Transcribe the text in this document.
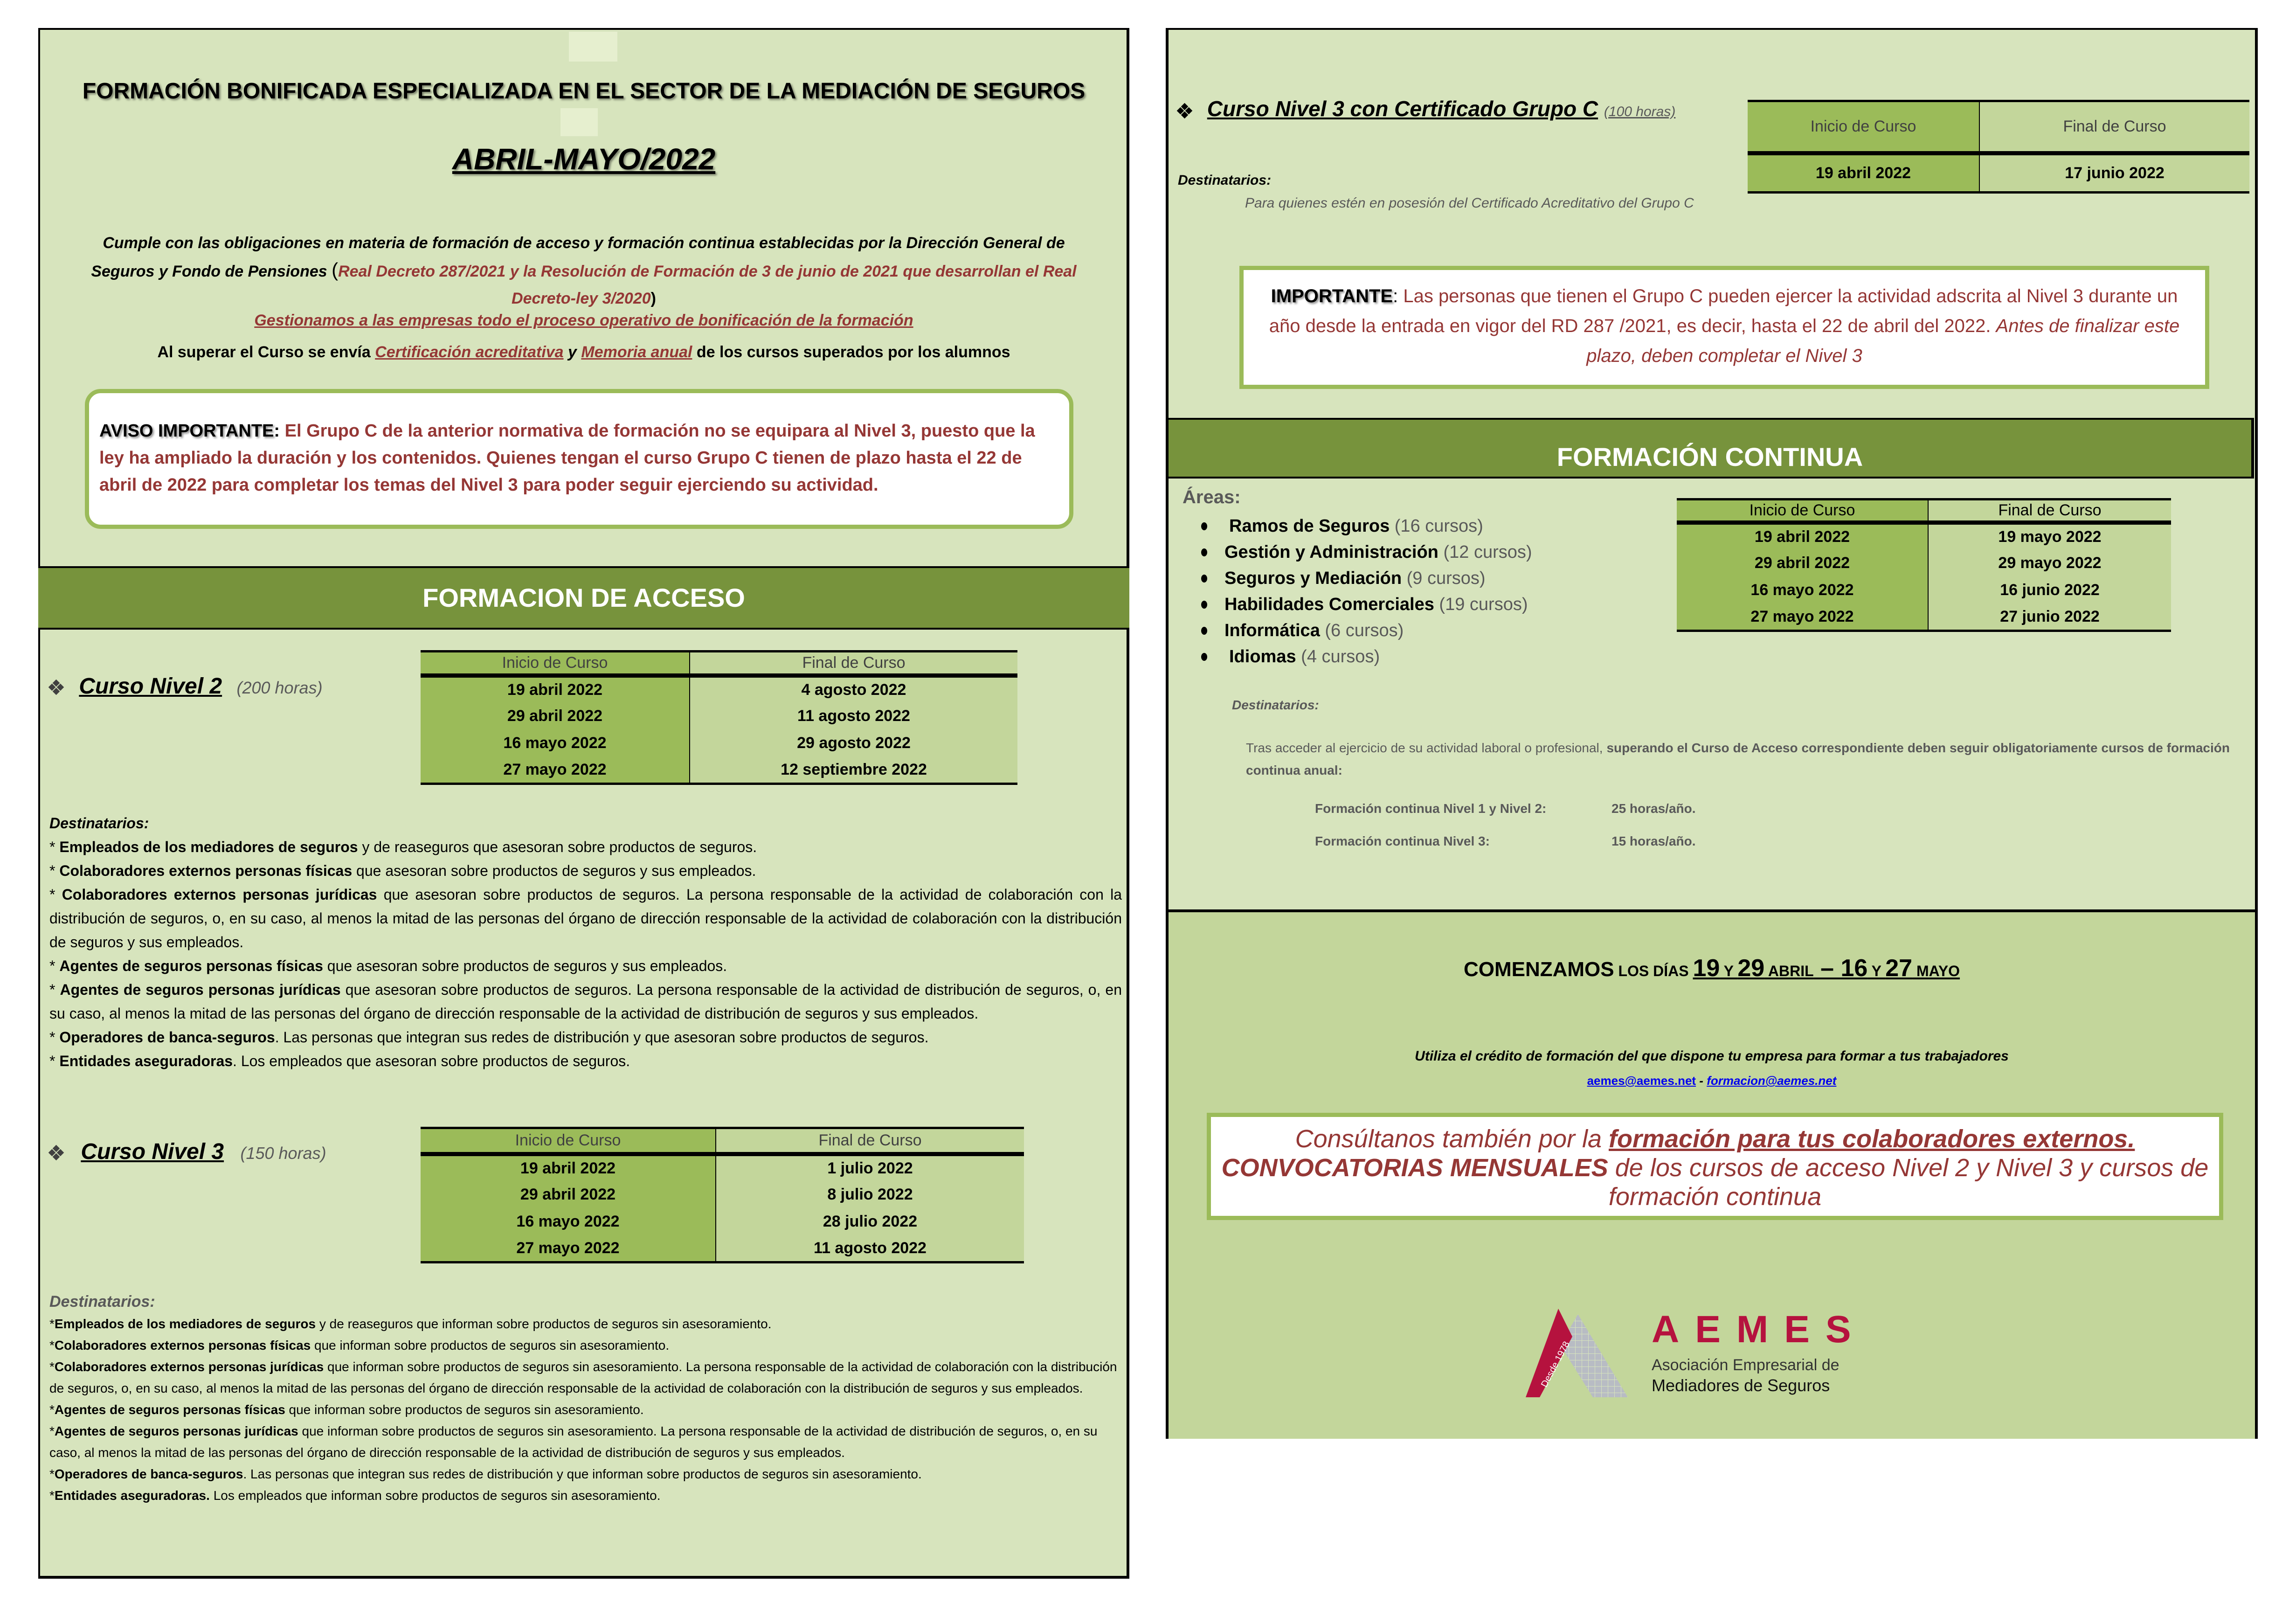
FORMACIÓN BONIFICADA ESPECIALIZADA EN EL SECTOR DE LA MEDIACIÓN DE SEGUROS
ABRIL-MAYO/2022
Cumple con las obligaciones en materia de formación de acceso y formación continua establecidas por la Dirección General de
Seguros y Fondo de Pensiones (Real Decreto 287/2021 y la Resolución de Formación de 3 de junio de 2021 que desarrollan el Real
Decreto-ley 3/2020)
Gestionamos a las empresas todo el proceso operativo de bonificación de la formación
Al superar el Curso se envía Certificación acreditativa y Memoria anual de los cursos superados por los alumnos
AVISO IMPORTANTE: El Grupo C de la anterior normativa de formación no se equipara al Nivel 3, puesto que la ley ha ampliado la duración y los contenidos. Quienes tengan el curso Grupo C tienen de plazo hasta el 22 de abril de 2022 para completar los temas del Nivel 3 para poder seguir ejerciendo su actividad.
FORMACION DE ACCESO
Curso Nivel 2 (200 horas)
Inicio de Curso	Final de Curso
19 abril 2022	4 agosto 2022
29 abril 2022	11 agosto 2022
16 mayo 2022	29 agosto 2022
27 mayo 2022	12 septiembre 2022

Destinatarios:

* Empleados de los mediadores de seguros y de reaseguros que asesoran sobre productos de seguros.

* Colaboradores externos personas físicas que asesoran sobre productos de seguros y sus empleados.

* Colaboradores externos personas jurídicas que asesoran sobre productos de seguros. La persona responsable de la actividad de colaboración con la distribución de seguros, o, en su caso, al menos la mitad de las personas del órgano de dirección responsable de la actividad de colaboración con la distribución de seguros y sus empleados.

* Agentes de seguros personas físicas que asesoran sobre productos de seguros y sus empleados.

* Agentes de seguros personas jurídicas que asesoran sobre productos de seguros. La persona responsable de la actividad de distribución de seguros, o, en su caso, al menos la mitad de las personas del órgano de dirección responsable de la actividad de distribución de seguros y sus empleados.

* Operadores de banca-seguros. Las personas que integran sus redes de distribución y que asesoran sobre productos de seguros.

* Entidades aseguradoras. Los empleados que asesoran sobre productos de seguros.

Curso Nivel 3 (150 horas)
Inicio de Curso	Final de Curso
19 abril 2022	1 julio 2022
29 abril 2022	8 julio 2022
16 mayo 2022	28 julio 2022
27 mayo 2022	11 agosto 2022

Destinatarios:

*Empleados de los mediadores de seguros y de reaseguros que informan sobre productos de seguros sin asesoramiento.

*Colaboradores externos personas físicas que informan sobre productos de seguros sin asesoramiento.

*Colaboradores externos personas jurídicas que informan sobre productos de seguros sin asesoramiento. La persona responsable de la actividad de colaboración con la distribución de seguros, o, en su caso, al menos la mitad de las personas del órgano de dirección responsable de la actividad de colaboración con la distribución de seguros y sus empleados.

*Agentes de seguros personas físicas que informan sobre productos de seguros sin asesoramiento.

*Agentes de seguros personas jurídicas que informan sobre productos de seguros sin asesoramiento. La persona responsable de la actividad de distribución de seguros, o, en su caso, al menos la mitad de las personas del órgano de dirección responsable de la actividad de distribución de seguros y sus empleados.

*Operadores de banca-seguros. Las personas que integran sus redes de distribución y que informan sobre productos de seguros sin asesoramiento.

*Entidades aseguradoras. Los empleados que informan sobre productos de seguros sin asesoramiento.

Curso Nivel 3 con Certificado Grupo C (100 horas)
Inicio de Curso	Final de Curso
19 abril 2022	17 junio 2022
Destinatarios:
Para quienes estén en posesión del Certificado Acreditativo del Grupo C
IMPORTANTE: Las personas que tienen el Grupo C pueden ejercer la actividad adscrita al Nivel 3 durante un año desde la entrada en vigor del RD 287 /2021, es decir, hasta el 22 de abril del 2022. Antes de finalizar este plazo, deben completar el Nivel 3
FORMACIÓN CONTINUA
Áreas:
Ramos de Seguros (16 cursos)
Gestión y Administración (12 cursos)
Seguros y Mediación (9 cursos)
Habilidades Comerciales (19 cursos)
Informática (6 cursos)
Idiomas (4 cursos)
Inicio de Curso	Final de Curso
19 abril 2022	19 mayo 2022
29 abril 2022	29 mayo 2022
16 mayo 2022	16 junio 2022
27 mayo 2022	27 junio 2022
Destinatarios:
Tras acceder al ejercicio de su actividad laboral o profesional, superando el Curso de Acceso correspondiente deben seguir obligatoriamente cursos de formación continua anual:
Formación continua Nivel 1 y Nivel 2:	25 horas/año.
Formación continua Nivel 3:	15 horas/año.
COMENZAMOS LOS DÍAS 19 Y 29 ABRIL – 16 Y 27 MAYO
Utiliza el crédito de formación del que dispone tu empresa para formar a tus trabajadores
aemes@aemes.net - formacion@aemes.net
Consúltanos también por la formación para tus colaboradores externos.
CONVOCATORIAS MENSUALES de los cursos de acceso Nivel 2 y Nivel 3 y cursos de formación continua
Desde 1978
AEMES
Asociación Empresarial de
Mediadores de Seguros
